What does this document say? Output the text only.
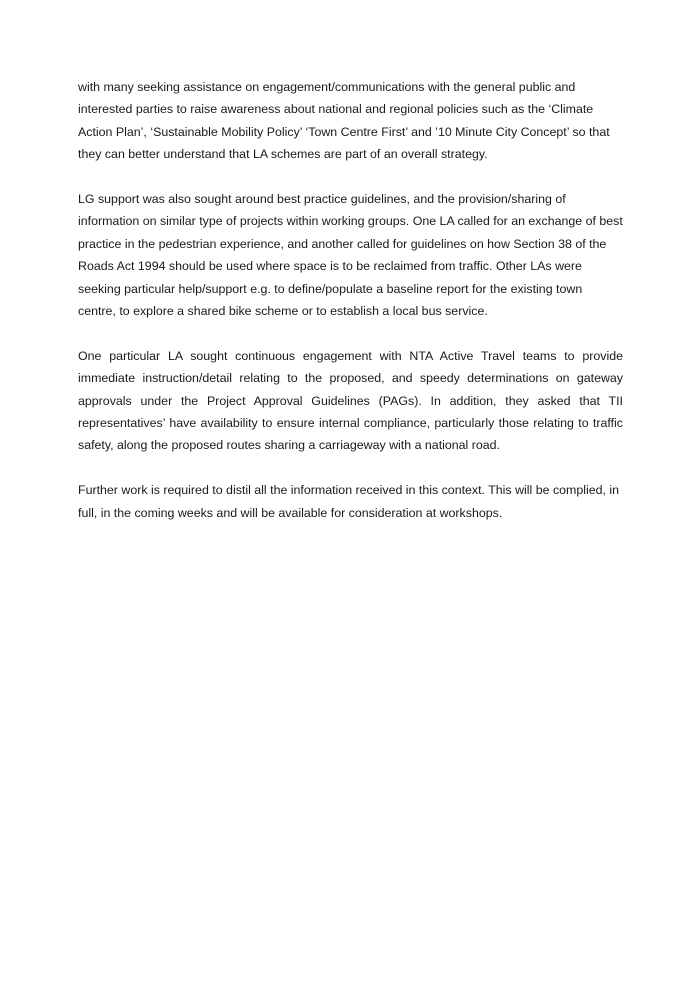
with many seeking assistance on engagement/communications with the general public and interested parties to raise awareness about national and regional policies such as the ‘Climate Action Plan’, ‘Sustainable Mobility Policy’ ‘Town Centre First’ and ’10 Minute City Concept’ so that they can better understand that LA schemes are part of an overall strategy.

LG support was also sought around best practice guidelines, and the provision/sharing of information on similar type of projects within working groups. One LA called for an exchange of best practice in the pedestrian experience, and another called for guidelines on how Section 38 of the Roads Act 1994 should be used where space is to be reclaimed from traffic. Other LAs were seeking particular help/support e.g. to define/populate a baseline report for the existing town centre, to explore a shared bike scheme or to establish a local bus service.

One particular LA sought continuous engagement with NTA Active Travel teams to provide immediate instruction/detail relating to the proposed, and speedy determinations on gateway approvals under the Project Approval Guidelines (PAGs). In addition, they asked that TII representatives’ have availability to ensure internal compliance, particularly those relating to traffic safety, along the proposed routes sharing a carriageway with a national road.

Further work is required to distil all the information received in this context. This will be complied, in full, in the coming weeks and will be available for consideration at workshops.
